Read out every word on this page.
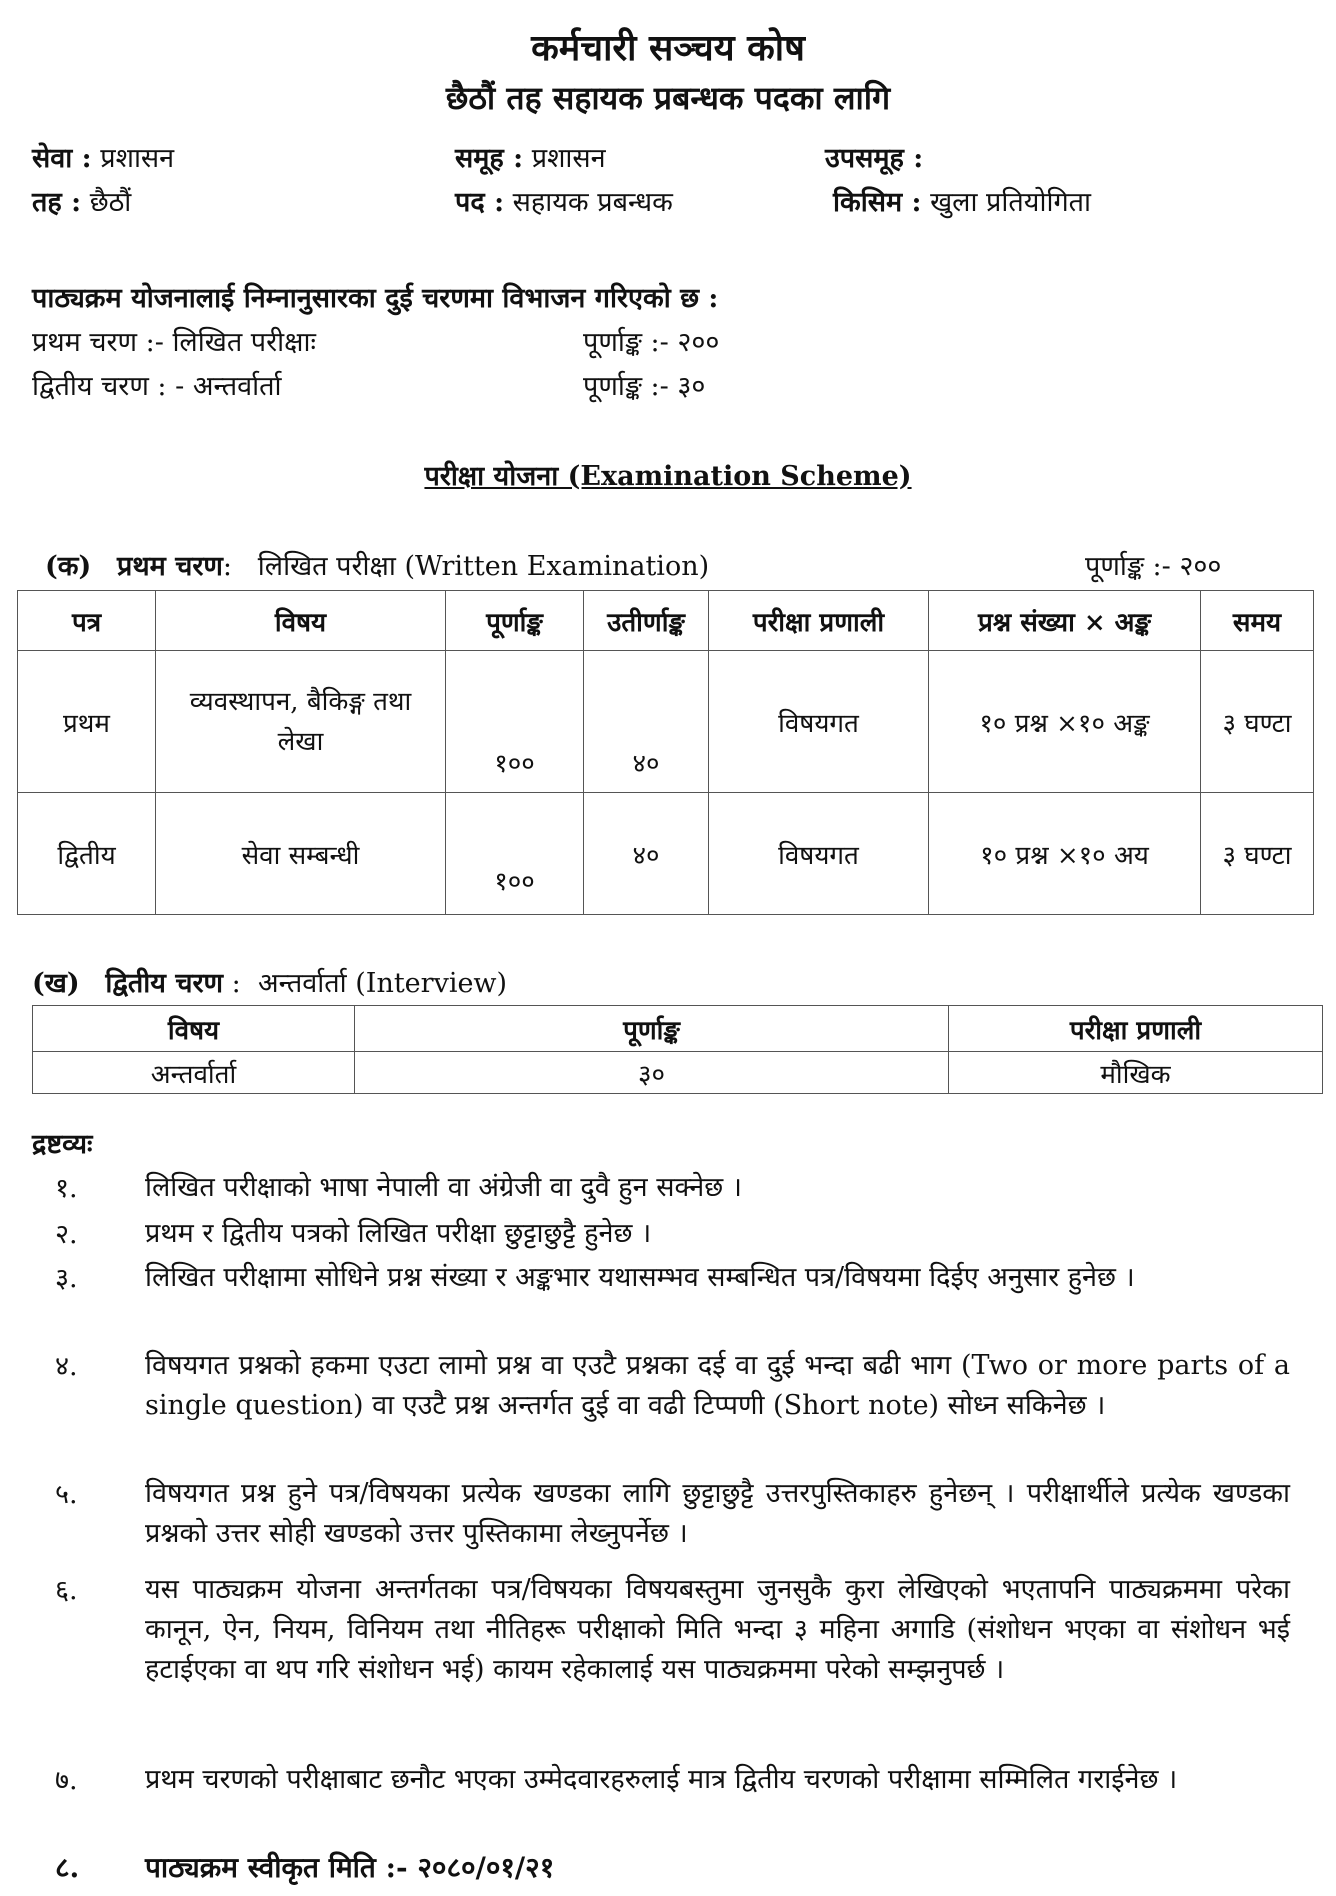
कर्मचारी सञ्चय कोष
छैठौं तह सहायक प्रबन्धक पदका लागि
सेवा : प्रशासन	समूह : प्रशासन	उपसमूह :
तह : छैठौं	पद : सहायक प्रबन्धक	किसिम : खुला प्रतियोगिता
पाठ्यक्रम योजनालाई निम्नानुसारका दुई चरणमा विभाजन गरिएको छ :
प्रथम चरण :- लिखित परीक्षाः	पूर्णाङ्क :- २००
द्वितीय चरण : - अन्तर्वार्ता	पूर्णाङ्क :- ३०
परीक्षा योजना (Examination Scheme)
(क) प्रथम चरण: लिखित परीक्षा (Written Examination)	पूर्णाङ्क :- २००
पत्र	विषय	पूर्णाङ्क	उतीर्णाङ्क	परीक्षा प्रणाली	प्रश्न संख्या × अङ्क	समय
प्रथम	व्यवस्थापन, बैकिङ्ग तथा लेखा	१००	४०	विषयगत	१० प्रश्न ×१० अङ्क	३ घण्टा
द्वितीय	सेवा सम्बन्धी	१००	४०	विषयगत	१० प्रश्न ×१० अय	३ घण्टा
(ख) द्वितीय चरण : अन्तर्वार्ता (Interview)
विषय	पूर्णाङ्क	परीक्षा प्रणाली
अन्तर्वार्ता	३०	मौखिक
द्रष्टव्यः
१. लिखित परीक्षाको भाषा नेपाली वा अंग्रेजी वा दुवै हुन सक्नेछ ।
२. प्रथम र द्वितीय पत्रको लिखित परीक्षा छुट्टाछुट्टै हुनेछ ।
३. लिखित परीक्षामा सोधिने प्रश्न संख्या र अङ्कभार यथासम्भव सम्बन्धित पत्र/विषयमा दिईए अनुसार हुनेछ ।
४. विषयगत प्रश्नको हकमा एउटा लामो प्रश्न वा एउटै प्रश्नका दई वा दुई भन्दा बढी भाग (Two or more parts of a single question) वा एउटै प्रश्न अन्तर्गत दुई वा वढी टिप्पणी (Short note) सोध्न सकिनेछ ।
५. विषयगत प्रश्न हुने पत्र/विषयका प्रत्येक खण्डका लागि छुट्टाछुट्टै उत्तरपुस्तिकाहरु हुनेछन् । परीक्षार्थीले प्रत्येक खण्डका प्रश्नको उत्तर सोही खण्डको उत्तर पुस्तिकामा लेख्नुपर्नेछ ।
६. यस पाठ्यक्रम योजना अन्तर्गतका पत्र/विषयका विषयबस्तुमा जुनसुकै कुरा लेखिएको भएतापनि पाठ्यक्रममा परेका कानून, ऐन, नियम, विनियम तथा नीतिहरू परीक्षाको मिति भन्दा ३ महिना अगाडि (संशोधन भएका वा संशोधन भई हटाईएका वा थप गरि संशोधन भई) कायम रहेकालाई यस पाठ्यक्रममा परेको सम्झनुपर्छ ।
७. प्रथम चरणको परीक्षाबाट छनौट भएका उम्मेदवारहरुलाई मात्र द्वितीय चरणको परीक्षामा सम्मिलित गराईनेछ ।
८. पाठ्यक्रम स्वीकृत मिति :- २०८०/०१/२१
